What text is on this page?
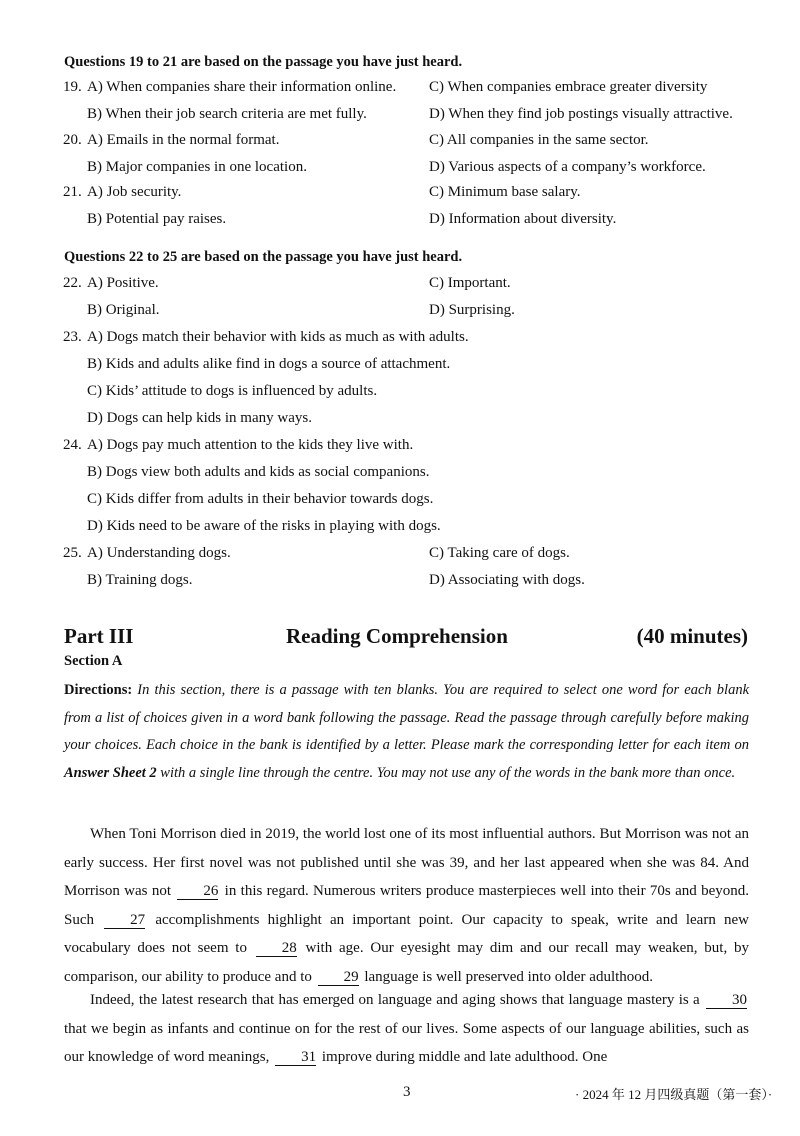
Questions 19 to 21 are based on the passage you have just heard.
19. A) When companies share their information online. C) When companies embrace greater diversity
B) When their job search criteria are met fully.	D) When they find job postings visually attractive.
20. A) Emails in the normal format.	C) All companies in the same sector.
B) Major companies in one location.	D) Various aspects of a company’s workforce.
21. A) Job security.	C) Minimum base salary.
B) Potential pay raises.	D) Information about diversity.
Questions 22 to 25 are based on the passage you have just heard.
22. A) Positive.	C) Important.
B) Original.	D) Surprising.
23. A) Dogs match their behavior with kids as much as with adults.
B) Kids and adults alike find in dogs a source of attachment.
C) Kids’ attitude to dogs is influenced by adults.
D) Dogs can help kids in many ways.
24. A) Dogs pay much attention to the kids they live with.
B) Dogs view both adults and kids as social companions.
C) Kids differ from adults in their behavior towards dogs.
D) Kids need to be aware of the risks in playing with dogs.
25. A) Understanding dogs.	C) Taking care of dogs.
B) Training dogs.	D) Associating with dogs.
Part III	Reading Comprehension	(40 minutes)
Section A
Directions: In this section, there is a passage with ten blanks. You are required to select one word for each blank from a list of choices given in a word bank following the passage. Read the passage through carefully before making your choices. Each choice in the bank is identified by a letter. Please mark the corresponding letter for each item on Answer Sheet 2 with a single line through the centre. You may not use any of the words in the bank more than once.

When Toni Morrison died in 2019, the world lost one of its most influential authors. But Morrison was not an early success. Her first novel was not published until she was 39, and her last appeared when she was 84. And Morrison was not 26 in this regard. Numerous writers produce masterpieces well into their 70s and beyond. Such 27 accomplishments highlight an important point. Our capacity to speak, write and learn new vocabulary does not seem to 28 with age. Our eyesight may dim and our recall may weaken, but, by comparison, our ability to produce and to 29 language is well preserved into older adulthood.

Indeed, the latest research that has emerged on language and aging shows that language mastery is a 30 that we begin as infants and continue on for the rest of our lives. Some aspects of our language abilities, such as our knowledge of word meanings, 31 improve during middle and late adulthood. One

3	· 2024 年 12 月四级真题（第一套）·
